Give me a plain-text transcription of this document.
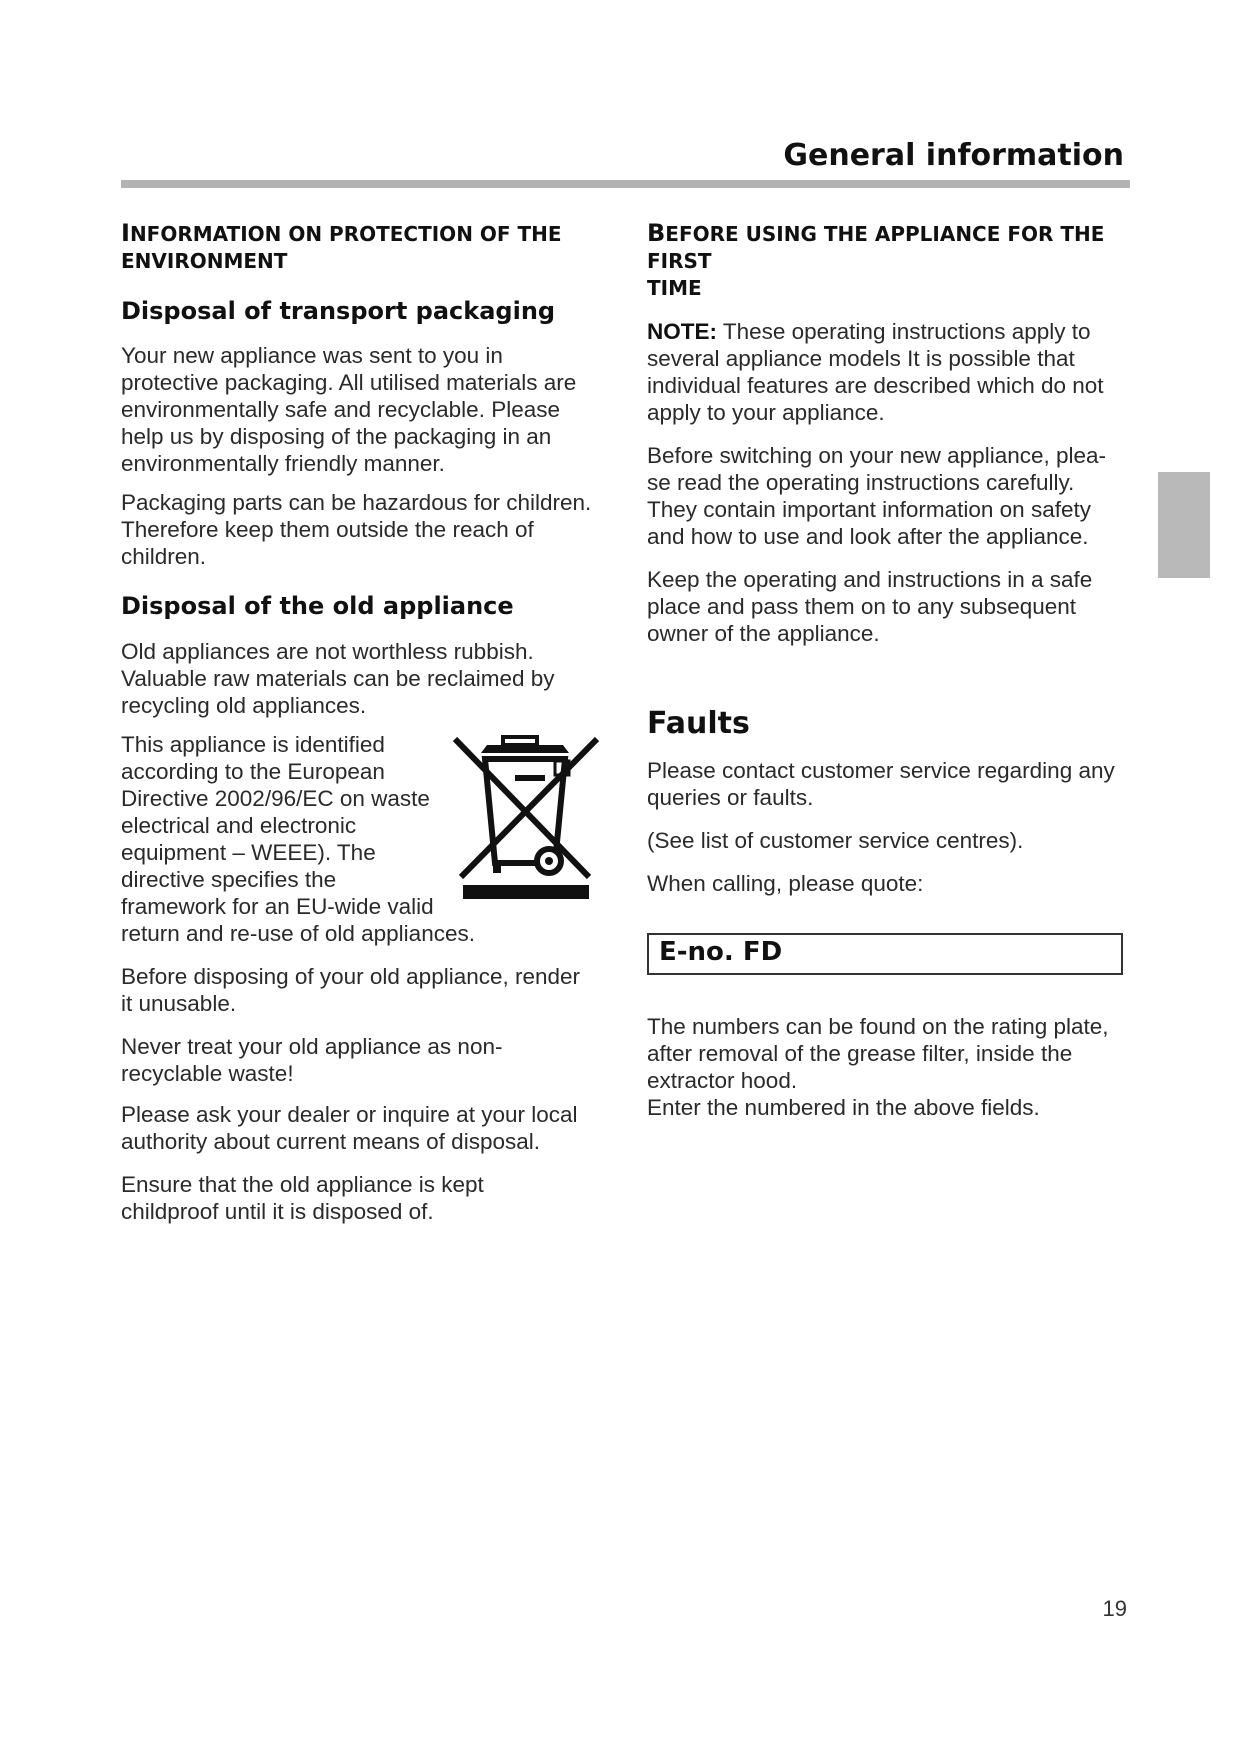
General information
INFORMATION ON PROTECTION OF THE
ENVIRONMENT
Disposal of transport packaging

Your new appliance was sent to you in
protective packaging. All utilised materials are
environmentally safe and recyclable. Please
help us by disposing of the packaging in an
environmentally friendly manner.

Packaging parts can be hazardous for children.
Therefore keep them outside the reach of
children.

Disposal of the old appliance

Old appliances are not worthless rubbish.
Valuable raw materials can be reclaimed by
recycling old appliances.

This appliance is identified
according to the European
Directive 2002/96/EC on waste
electrical and electronic
equipment – WEEE). The
directive specifies the
framework for an EU-wide valid
return and re-use of old appliances.

Before disposing of your old appliance, render
it unusable.

Never treat your old appliance as non-
recyclable waste!

Please ask your dealer or inquire at your local
authority about current means of disposal.

Ensure that the old appliance is kept
childproof until it is disposed of.

BEFORE USING THE APPLIANCE FOR THE FIRST
TIME

NOTE: These operating instructions apply to
several appliance models It is possible that
individual features are described which do not
apply to your appliance.

Before switching on your new appliance, plea-
se read the operating instructions carefully.
They contain important information on safety
and how to use and look after the appliance.

Keep the operating and instructions in a safe
place and pass them on to any subsequent
owner of the appliance.

Faults

Please contact customer service regarding any
queries or faults.

(See list of customer service centres).

When calling, please quote:

E-no. FD

The numbers can be found on the rating plate,
after removal of the grease filter, inside the
extractor hood.
Enter the numbered in the above fields.

19
